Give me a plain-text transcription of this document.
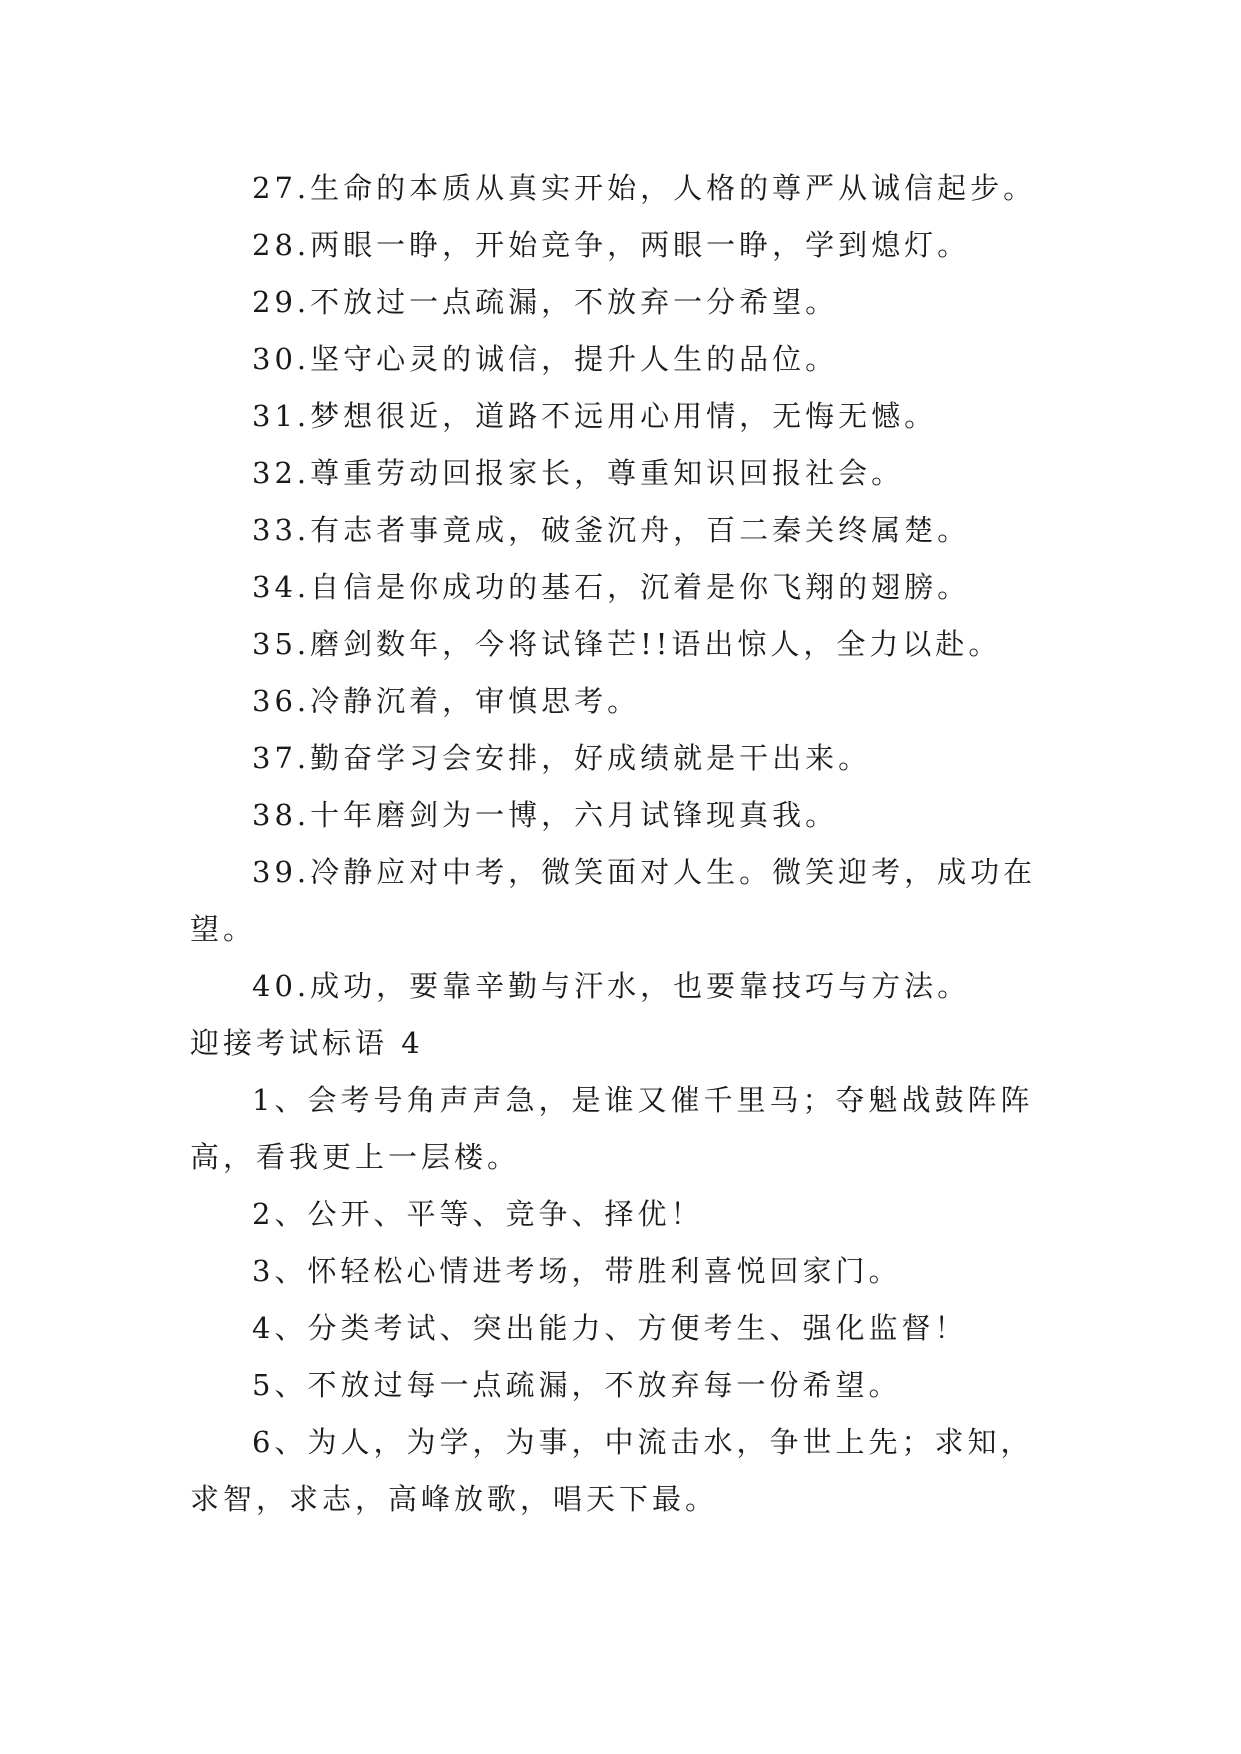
27.生命的本质从真实开始，人格的尊严从诚信起步。

28.两眼一睁，开始竞争，两眼一睁，学到熄灯。

29.不放过一点疏漏，不放弃一分希望。

30.坚守心灵的诚信，提升人生的品位。

31.梦想很近，道路不远用心用情，无悔无憾。

32.尊重劳动回报家长，尊重知识回报社会。

33.有志者事竟成，破釜沉舟，百二秦关终属楚。

34.自信是你成功的基石，沉着是你飞翔的翅膀。

35.磨剑数年，今将试锋芒!!语出惊人，全力以赴。

36.冷静沉着，审慎思考。

37.勤奋学习会安排，好成绩就是干出来。

38.十年磨剑为一博，六月试锋现真我。

39.冷静应对中考，微笑面对人生。微笑迎考，成功在望。

40.成功，要靠辛勤与汗水，也要靠技巧与方法。

迎接考试标语 4

1、会考号角声声急，是谁又催千里马；夺魁战鼓阵阵高，看我更上一层楼。

2、公开、平等、竞争、择优！

3、怀轻松心情进考场，带胜利喜悦回家门。

4、分类考试、突出能力、方便考生、强化监督！

5、不放过每一点疏漏，不放弃每一份希望。

6、为人，为学，为事，中流击水，争世上先；求知，求智，求志，高峰放歌，唱天下最。
